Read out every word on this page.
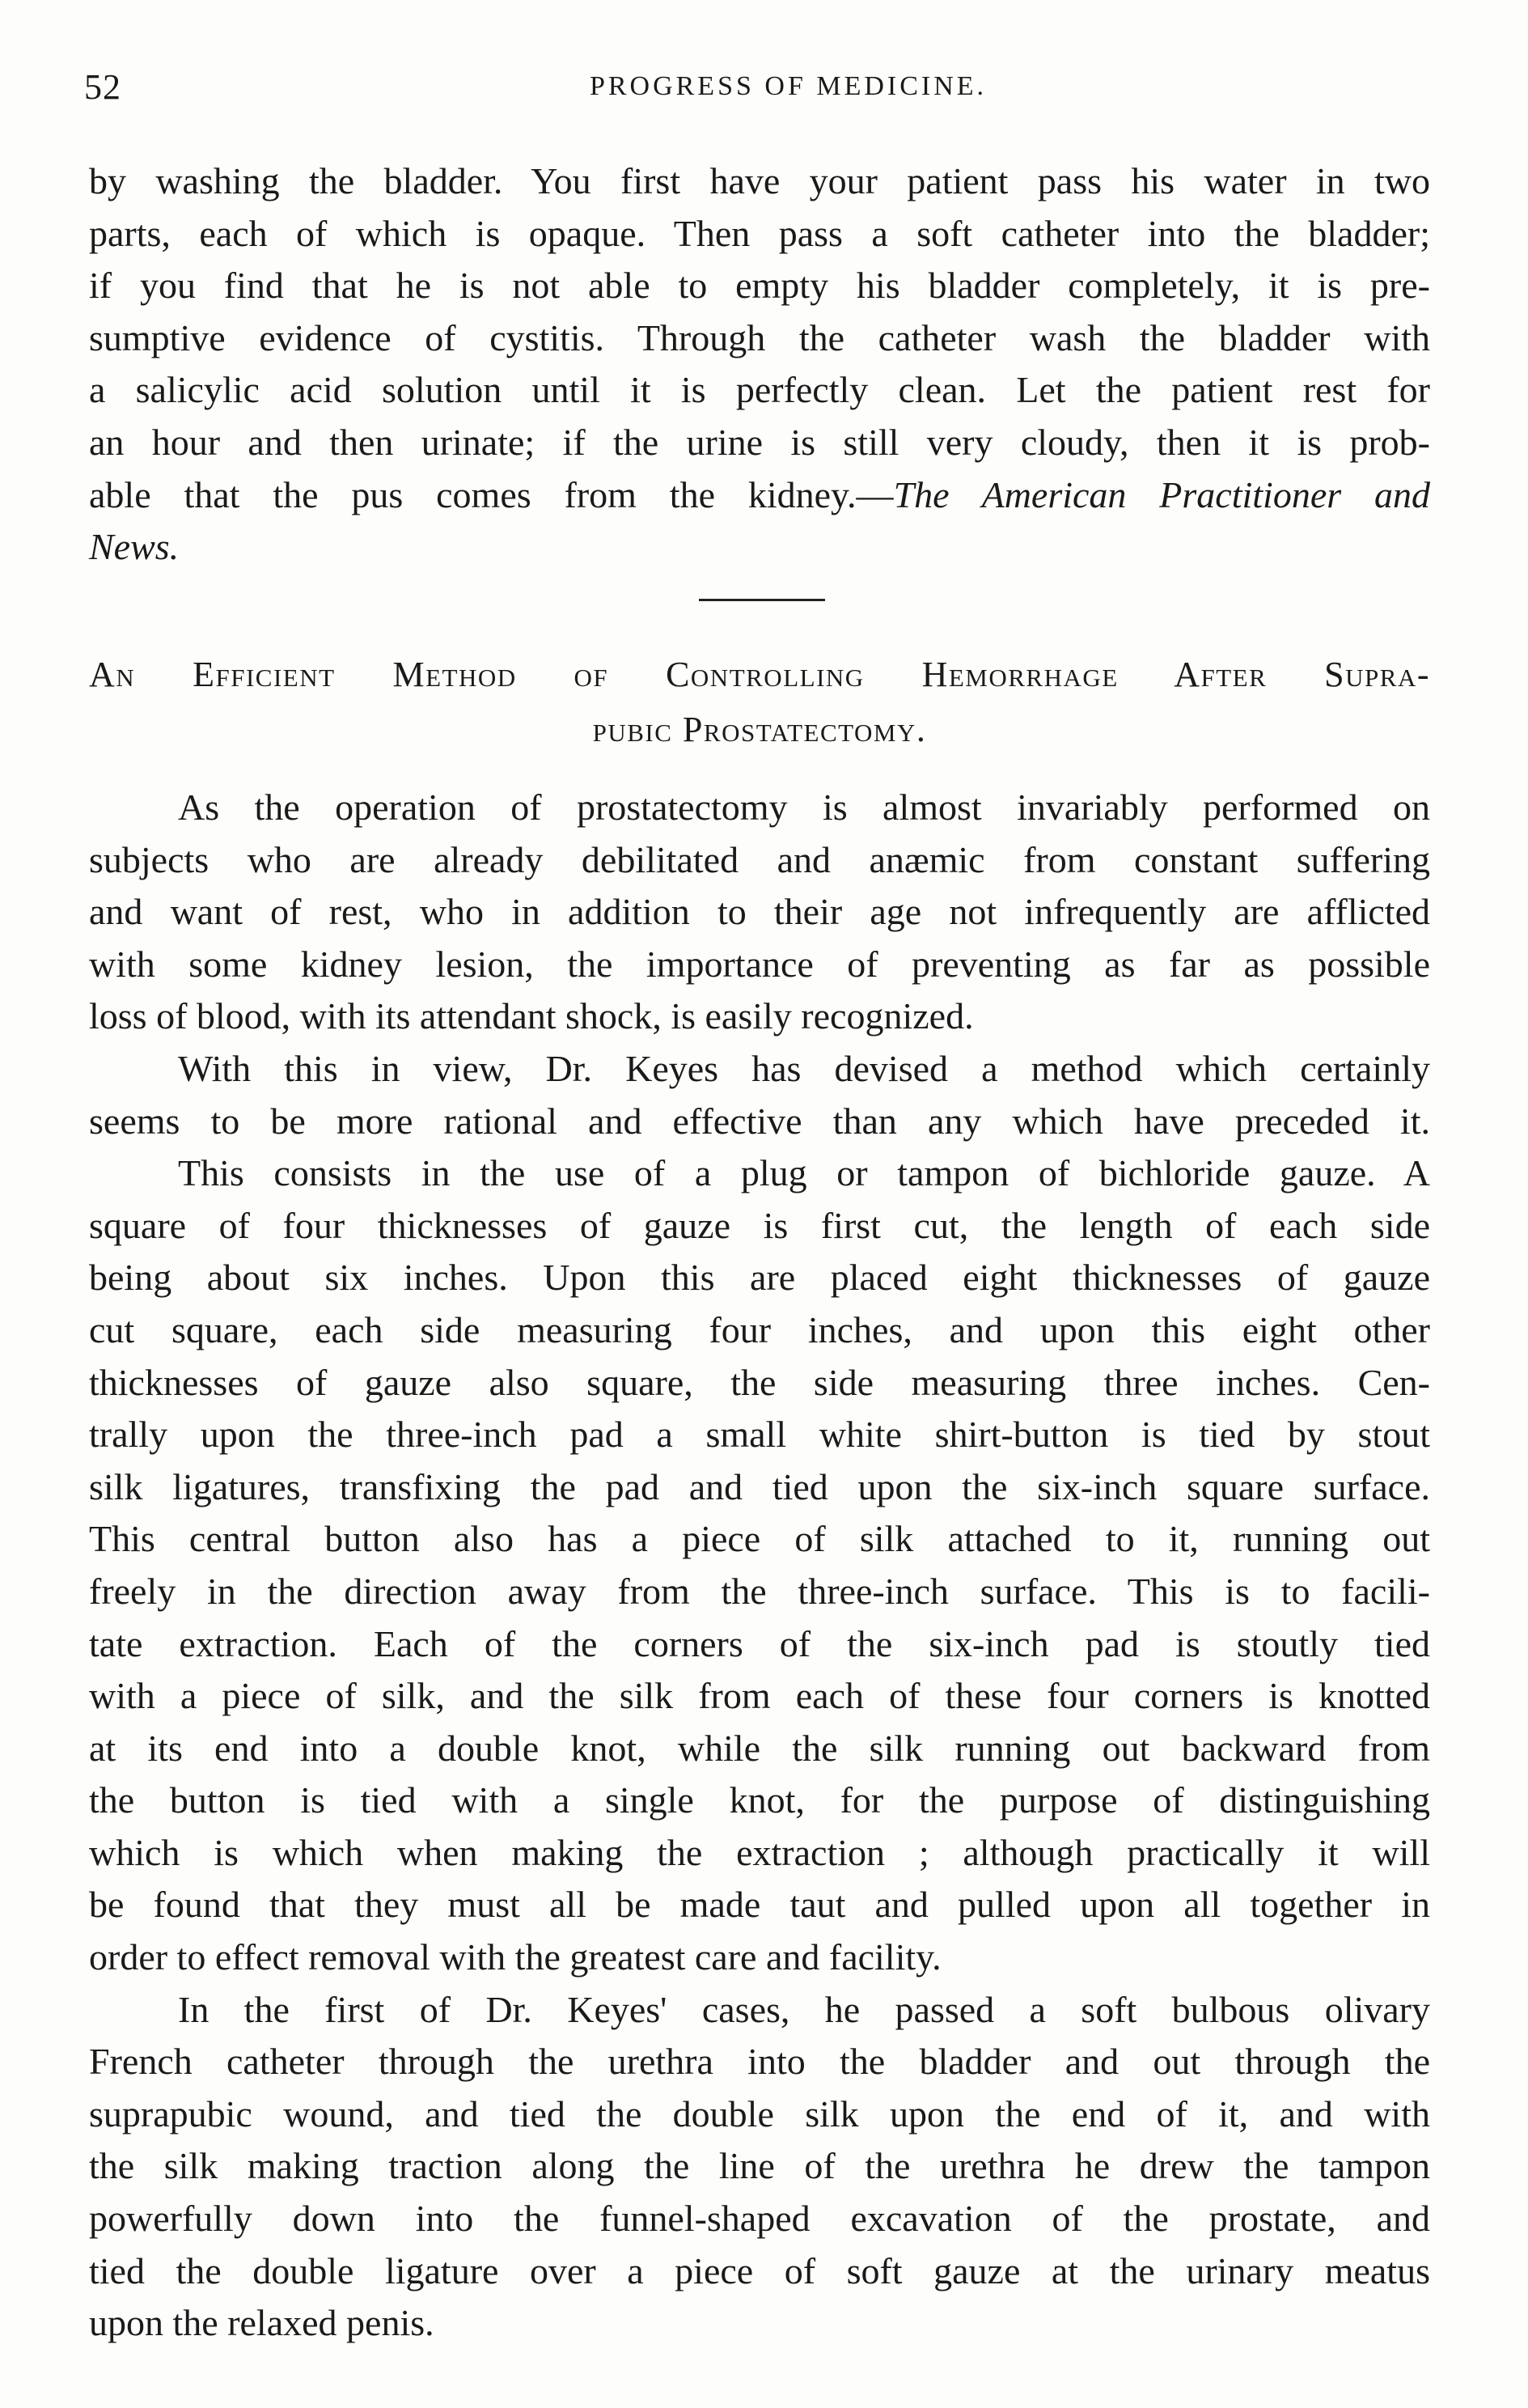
52	PROGRESS OF MEDICINE.
by washing the bladder. You first have your patient pass his water in two
parts, each of which is opaque. Then pass a soft catheter into the bladder;
if you find that he is not able to empty his bladder completely, it is pre-
sumptive evidence of cystitis. Through the catheter wash the bladder with
a salicylic acid solution until it is perfectly clean. Let the patient rest for
an hour and then urinate; if the urine is still very cloudy, then it is prob-
able that the pus comes from the kidney.—The American Practitioner and
News.
An Efficient Method of Controlling Hemorrhage After Supra-
pubic Prostatectomy.
As the operation of prostatectomy is almost invariably performed on
subjects who are already debilitated and anæmic from constant suffering
and want of rest, who in addition to their age not infrequently are afflicted
with some kidney lesion, the importance of preventing as far as possible
loss of blood, with its attendant shock, is easily recognized.
With this in view, Dr. Keyes has devised a method which certainly
seems to be more rational and effective than any which have preceded it.
This consists in the use of a plug or tampon of bichloride gauze. A
square of four thicknesses of gauze is first cut, the length of each side
being about six inches. Upon this are placed eight thicknesses of gauze
cut square, each side measuring four inches, and upon this eight other
thicknesses of gauze also square, the side measuring three inches. Cen-
trally upon the three-inch pad a small white shirt-button is tied by stout
silk ligatures, transfixing the pad and tied upon the six-inch square surface.
This central button also has a piece of silk attached to it, running out
freely in the direction away from the three-inch surface. This is to facili-
tate extraction. Each of the corners of the six-inch pad is stoutly tied
with a piece of silk, and the silk from each of these four corners is knotted
at its end into a double knot, while the silk running out backward from
the button is tied with a single knot, for the purpose of distinguishing
which is which when making the extraction ; although practically it will
be found that they must all be made taut and pulled upon all together in
order to effect removal with the greatest care and facility.
In the first of Dr. Keyes' cases, he passed a soft bulbous olivary
French catheter through the urethra into the bladder and out through the
suprapubic wound, and tied the double silk upon the end of it, and with
the silk making traction along the line of the urethra he drew the tampon
powerfully down into the funnel-shaped excavation of the prostate, and
tied the double ligature over a piece of soft gauze at the urinary meatus
upon the relaxed penis.
